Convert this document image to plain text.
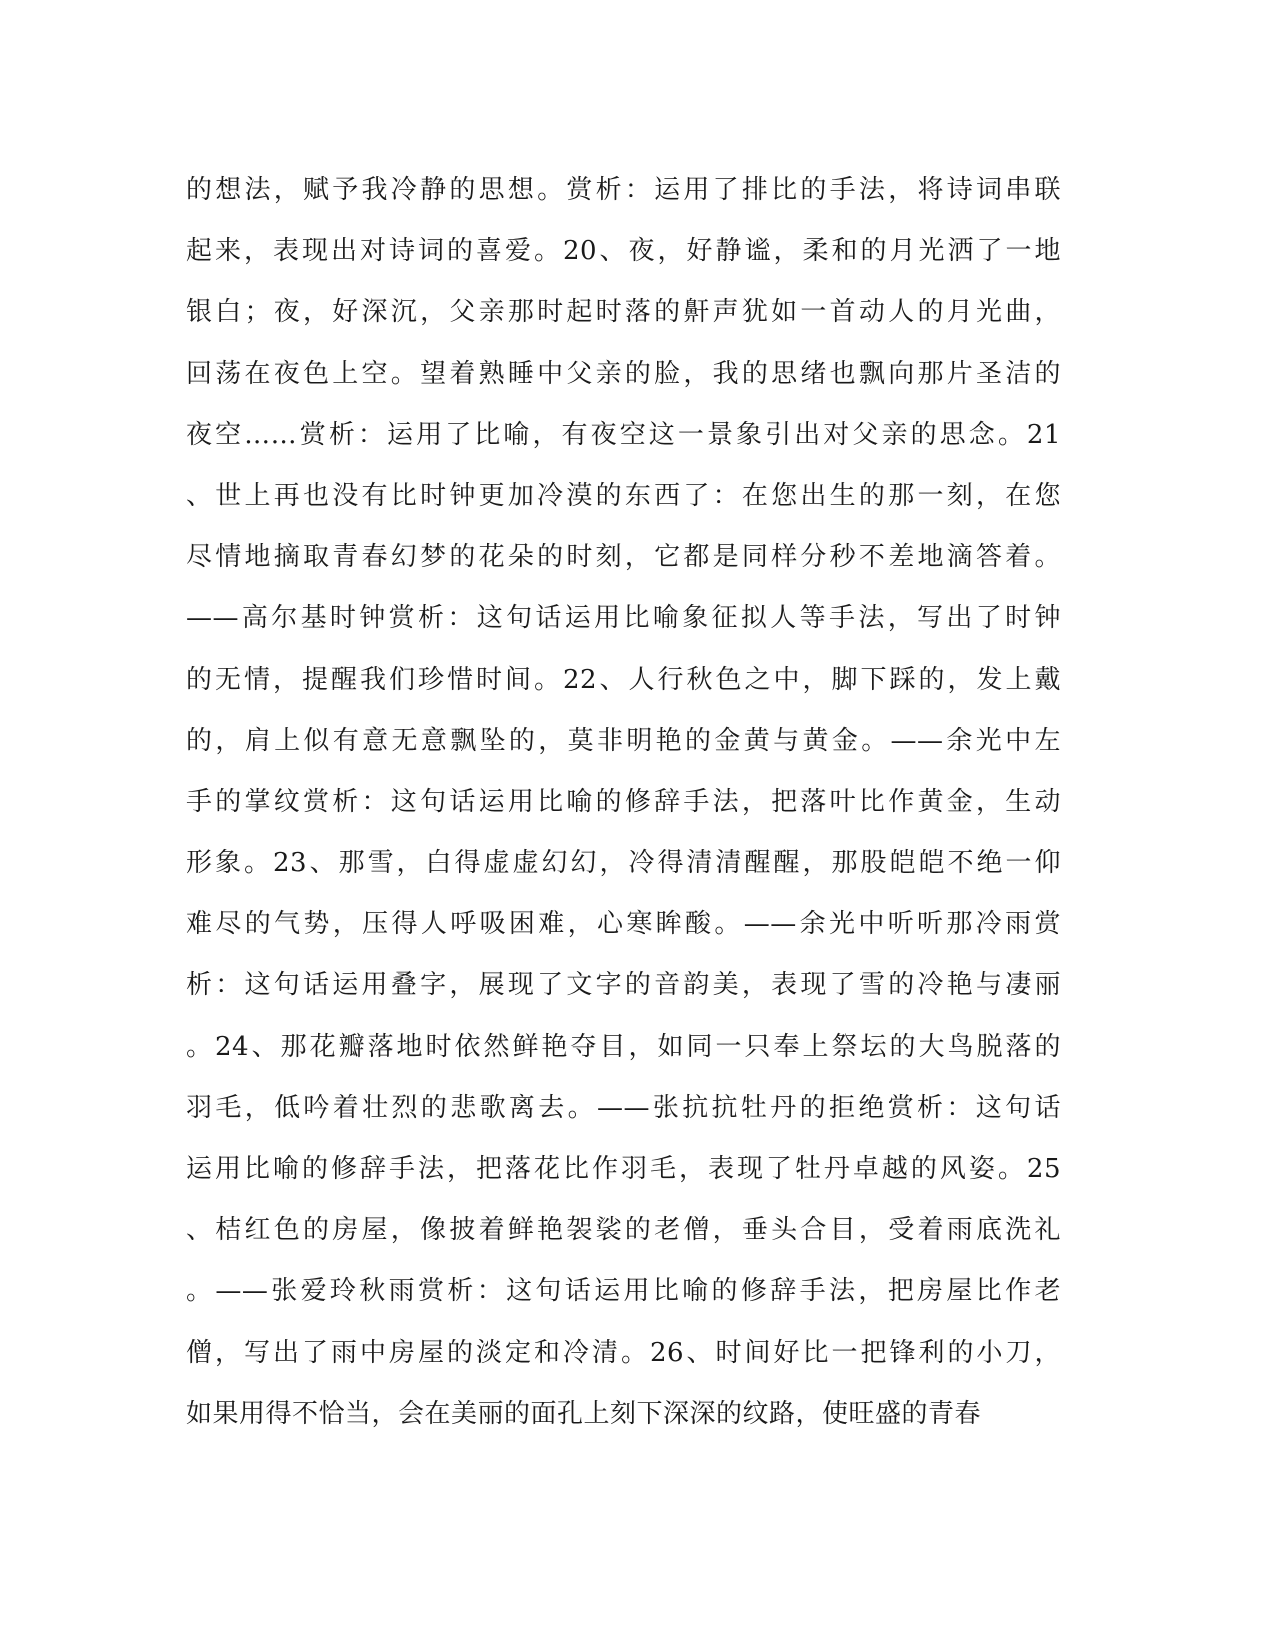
的想法，赋予我冷静的思想。赏析：运用了排比的手法，将诗词串联
起来，表现出对诗词的喜爱。20、夜，好静谧，柔和的月光洒了一地
银白；夜，好深沉，父亲那时起时落的鼾声犹如一首动人的月光曲，
回荡在夜色上空。望着熟睡中父亲的脸，我的思绪也飘向那片圣洁的
夜空……赏析：运用了比喻，有夜空这一景象引出对父亲的思念。21
、世上再也没有比时钟更加冷漠的东西了：在您出生的那一刻，在您
尽情地摘取青春幻梦的花朵的时刻，它都是同样分秒不差地滴答着。
——高尔基时钟赏析：这句话运用比喻象征拟人等手法，写出了时钟
的无情，提醒我们珍惜时间。22、人行秋色之中，脚下踩的，发上戴
的，肩上似有意无意飘坠的，莫非明艳的金黄与黄金。——余光中左
手的掌纹赏析：这句话运用比喻的修辞手法，把落叶比作黄金，生动
形象。23、那雪，白得虚虚幻幻，冷得清清醒醒，那股皑皑不绝一仰
难尽的气势，压得人呼吸困难，心寒眸酸。——余光中听听那冷雨赏
析：这句话运用叠字，展现了文字的音韵美，表现了雪的冷艳与凄丽
。24、那花瓣落地时依然鲜艳夺目，如同一只奉上祭坛的大鸟脱落的
羽毛，低吟着壮烈的悲歌离去。——张抗抗牡丹的拒绝赏析：这句话
运用比喻的修辞手法，把落花比作羽毛，表现了牡丹卓越的风姿。25
、桔红色的房屋，像披着鲜艳袈裟的老僧，垂头合目，受着雨底洗礼
。——张爱玲秋雨赏析：这句话运用比喻的修辞手法，把房屋比作老
僧，写出了雨中房屋的淡定和冷清。26、时间好比一把锋利的小刀，
如果用得不恰当，会在美丽的面孔上刻下深深的纹路，使旺盛的青春
